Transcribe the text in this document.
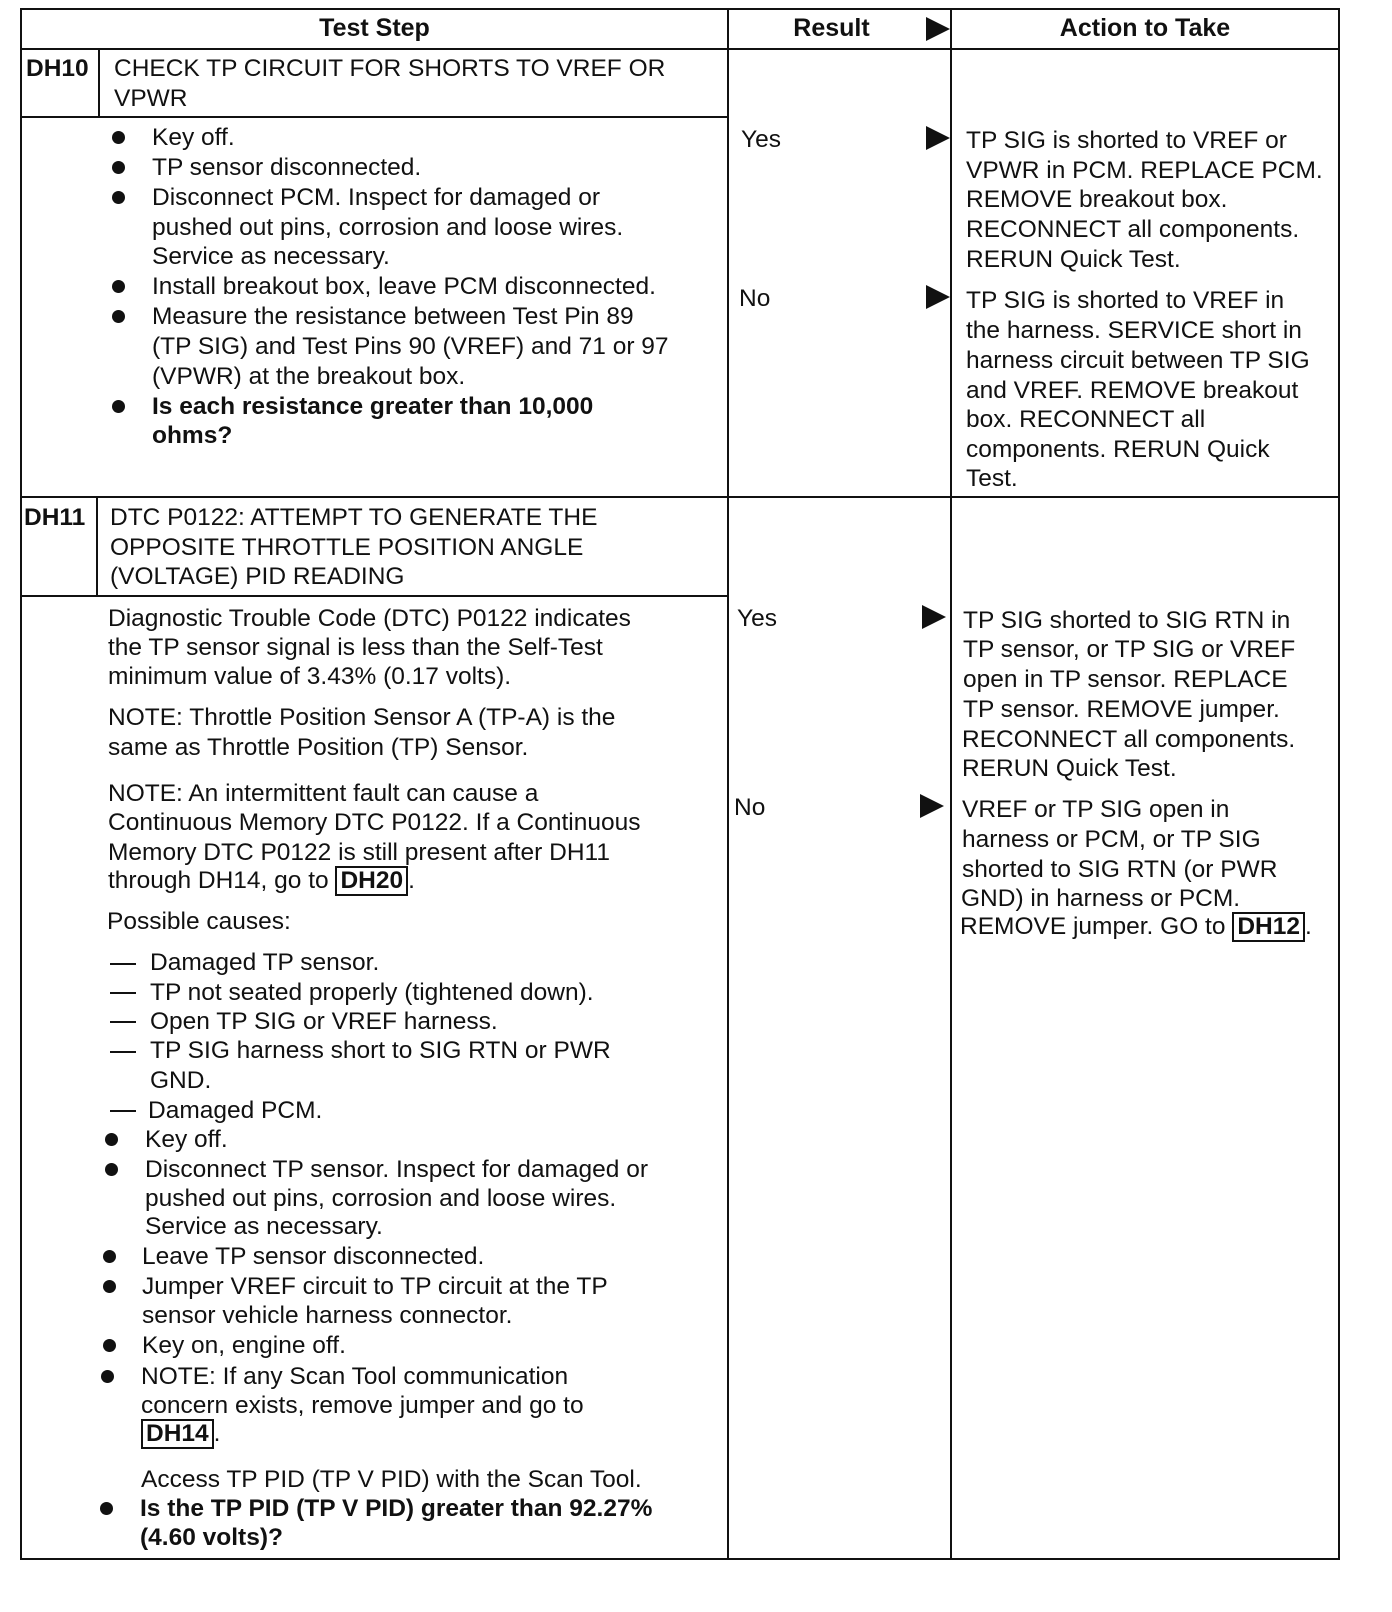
Test Step	Result	Action to Take
DH10 CHECK TP CIRCUIT FOR SHORTS TO VREF OR
VPWR
Key off.
TP sensor disconnected.
Disconnect PCM. Inspect for damaged or
pushed out pins, corrosion and loose wires.
Service as necessary.
Install breakout box, leave PCM disconnected.
Measure the resistance between Test Pin 89
(TP SIG) and Test Pins 90 (VREF) and 71 or 97
(VPWR) at the breakout box.
Is each resistance greater than 10,000
ohms?
Yes
No
TP SIG is shorted to VREF or
VPWR in PCM. REPLACE PCM.
REMOVE breakout box.
RECONNECT all components.
RERUN Quick Test.
TP SIG is shorted to VREF in
the harness. SERVICE short in
harness circuit between TP SIG
and VREF. REMOVE breakout
box. RECONNECT all
components. RERUN Quick
Test.
DH11 DTC P0122: ATTEMPT TO GENERATE THE
OPPOSITE THROTTLE POSITION ANGLE
(VOLTAGE) PID READING
Diagnostic Trouble Code (DTC) P0122 indicates
the TP sensor signal is less than the Self-Test
minimum value of 3.43% (0.17 volts).
NOTE: Throttle Position Sensor A (TP-A) is the
same as Throttle Position (TP) Sensor.
NOTE: An intermittent fault can cause a
Continuous Memory DTC P0122. If a Continuous
Memory DTC P0122 is still present after DH11
through DH14, go to DH20 .
Possible causes:
Damaged TP sensor.
TP not seated properly (tightened down).
Open TP SIG or VREF harness.
TP SIG harness short to SIG RTN or PWR
GND.
Damaged PCM.
Key off.
Disconnect TP sensor. Inspect for damaged or
pushed out pins, corrosion and loose wires.
Service as necessary.
Leave TP sensor disconnected.
Jumper VREF circuit to TP circuit at the TP
sensor vehicle harness connector.
Key on, engine off.
NOTE: If any Scan Tool communication
concern exists, remove jumper and go to
DH14 .
Access TP PID (TP V PID) with the Scan Tool.
Is the TP PID (TP V PID) greater than 92.27%
(4.60 volts)?
Yes
No
TP SIG shorted to SIG RTN in
TP sensor, or TP SIG or VREF
open in TP sensor. REPLACE
TP sensor. REMOVE jumper.
RECONNECT all components.
RERUN Quick Test.
VREF or TP SIG open in
harness or PCM, or TP SIG
shorted to SIG RTN (or PWR
GND) in harness or PCM.
REMOVE jumper. GO to DH12 .
